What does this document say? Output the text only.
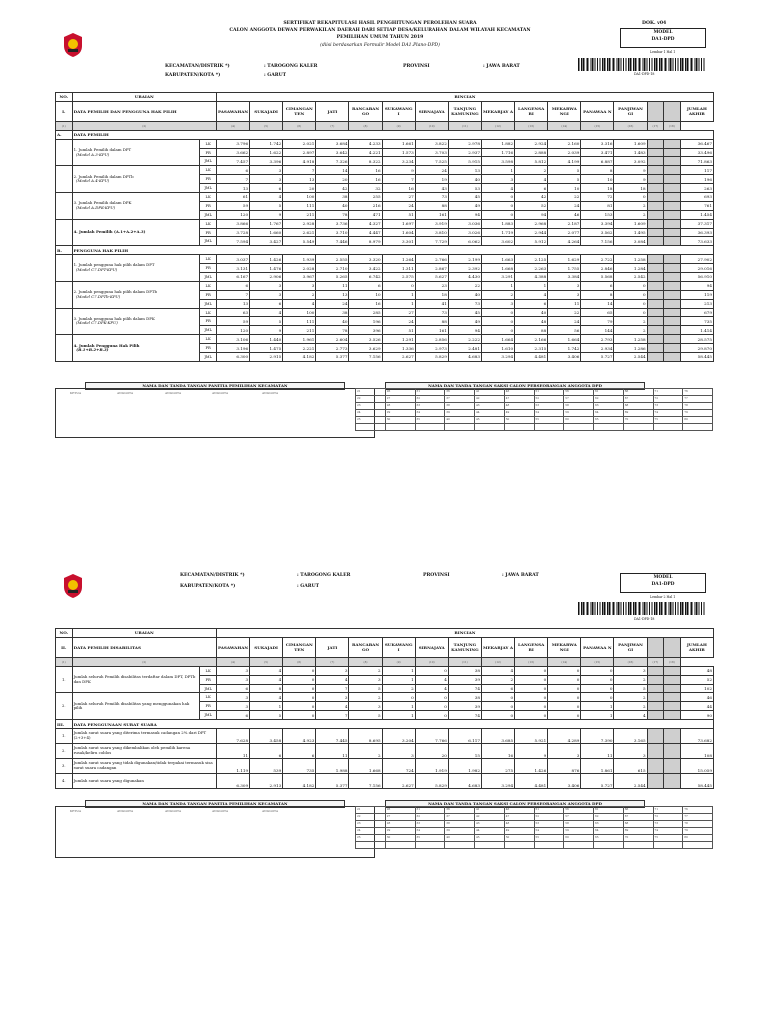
SERTIFIKAT REKAPITULASI HASIL PENGHITUNGAN PEROLEHAN SUARA
CALON ANGGOTA DEWAN PERWAKILAN DAERAH DARI SETIAP DESA/KELURAHAN DALAM WILAYAH KECAMATAN
PEMILIHAN UMUM TAHUN 2019
(diisi berdasarkan Formulir Model DA1.Plano-DPD)
DOK. v04
MODEL
DA1-DPD
Lembar 1 Hal 1
DA1-DPD-18
KECAMATAN/DISTRIK *)	: TAROGONG KALER	PROVINSI	: JAWA BARAT
KABUPATEN/KOTA *)	: GARUT
NO.	URAIAN		RINCIAN															
I.	DATA PEMILIH DAN PENGGUNA HAK PILIH		PASAWAHAN	SUKAJADI	CIMANGAN TEN	JATI	RANCABAN GO	SUKAWANG I	SIRNAJAYA	TANJUNG KAMUNING	MEKARJAY A	LANGENSA RI	MEKARWA NGI	PANAWAA N	PANJIWAN GI			JUMLAH AKHIR
(1)	(2)		(4)	(5)	(6)	(7)	(8)	(9)	(10)	(11)	(12)	(13)	(14)	(15)	(16)	(17)	(18)	
A.	DATA PEMILIH																	
	1. Jumlah Pemilih dalam DPT
(Model A.3-KPU)	LK	3.796	1.742	2.021	3.684	4.233	1.661	3.822	2.978	1.882	2.924	2.160	3.316	1.609			36.467
		PR	3.662	1.622	2.897	3.642	4.221	1.573	3.703	2.937	1.716	2.888	2.039	3.471	1.483			33.496
		JML	7.457	3.396	4.918	7.326	8.322	3.234	7.525	5.915	3.598	5.812	4.199	6.887	3.092			71.863
	2. Jumlah Pemilih dalam DPTb
(Model A.4-KPU)	LK	6	3	7	14	16	9	24	13	1	2	5	8	9			117
		PR	7	3	13	20	16	7	19	40	3	4	5	10	9			196
		JML	13	6	20	42	32	16	43	53	4	6	10	18	18			263
	3. Jumlah Pemilih dalam DPK
(Model A.DPK-KPU)	LK	61	4	100	38	255	27	73	45	0	42	22	72	0			693
		PR	59	5	111	40	216	24	88	49	0	52	24	81	2			761
		JML	120	9	211	78	471	51	161	94	0	94	46	153	2			1.454
	4. Jumlah Pemilih (A.1+A.2+A.3)	LK	3.866	1.767	2.928	3.736	4.327	1.697	3.919	3.036	1.883	2.968	2.187	3.394	1.609			37.317
		PR	3.728	1.660	2.621	3.710	4.447	1.604	3.810	3.026	1.719	2.944	2.077	3.562	1.495			36.393
		JML	7.594	3.427	5.549	7.446	8.979	3.301	7.729	6.062	3.602	5.912	4.264	7.156	3.084			73.633
B.	PENGGUNA HAK PILIH																	
	1. Jumlah pengguna hak pilih dalam DPT
(Model C7.DPT-KPU)	LK	3.037	1.426	1.939	2.555	3.320	1.264	2.766	2.199	1.663	2.125	1.629	2.722	1.258			27.902
		PR	3.131	1.476	2.028	2.710	3.422	1.311	2.867	2.392	1.668	2.263	1.755	2.846	1.284			29.016
		JML	6.167	2.906	3.967	5.265	6.742	2.575	5.627	4.430	3.291	4.388	3.384	5.568	2.542			56.910
	2. Jumlah pengguna hak pilih dalam DPTb
(Model C7.DPTb-KPU)	LK	6	3	3	11	6	0	23	22	1	1	3	6	0			94
		PR	7	3	2	13	10	1	18	40	2	4	3	8	0			119
		JML	13	6	4	24	16	1	41	73	3	6	11	14	0			213
	3. Jumlah pengguna hak pilih dalam DPK
(Model C7.DPK-KPU)	LK	63	4	100	38	285	27	73	45	0	40	22	65	0			679
		PR	59	5	111	40	196	24	88	49	0	48	24	79	2			735
		JML	120	9	211	78	396	51	161	94	0	88	56	144	2			1.414
	4. Jumlah Pengguna Hak Pilih
(B.1+B.2+B.3)	LK	3.106	1.440	1.961	2.604	3.526	1.291	2.856	2.222	1.664	2.166	1.664	2.793	1.258			28.575
		PR	3.196	1.475	2.221	2.773	3.629	1.336	2.973	2.481	1.610	2.315	1.742	2.934	1.286			29.870
		JML	6.300	2.915	4.182	5.377	7.156	2.627	5.829	4.683	3.294	4.481	3.406	5.727	2.544			58.445
NAMA DAN TANDA TANGAN PANITIA PEMILIHAN KECAMATAN
KETUA	ANGGOTA	ANGGOTA	ANGGOTA	ANGGOTA
NAMA DAN TANDA TANGAN SAKSI CALON PERSEORANGAN ANGGOTA DPD
21	26	31	36	41	46	51	56	61	66	71	76
22	27	32	37	42	47	52	57	62	67	72	77
23	28	33	38	43	48	53	58	63	68	73	78
24	29	34	39	44	49	54	59	64	69	74	79
25	30	35	40	45	50	55	60	65	70	75	80

KECAMATAN/DISTRIK *)	: TAROGONG KALER	PROVINSI	: JAWA BARAT
KABUPATEN/KOTA *)	: GARUT
MODEL
DA1-DPD
Lembar 2 Hal 1
DA1-DPD-18
NO.	URAIAN		RINCIAN															
II.	DATA PEMILIH DISABILITAS		PASAWAHAN	SUKAJADI	CIMANGAN TEN	JATI	RANCABAN GO	SUKAWANG I	SIRNAJAYA	TANJUNG KAMUNING	MEKARJAY A	LANGENSA RI	MEKARWA NGI	PANAWAA N	PANJIWAN GI			JUMLAH AKHIR
(1)	(2)		(4)	(5)	(6)	(7)	(8)	(9)	(10)	(11)	(12)	(13)	(14)	(15)	(16)	(17)	(18)	
1.	Jumlah seluruh Pemilih disabilitas terdaftar dalam DPT, DPTb dan DPK	LK	3	4	0	3	2	1	0	38	4	0	0	0	3			48
		PR	3	4	0	4	3	1	4	39	2	0	0	0	2			52
		JML	6	8	0	7	5	2	4	74	6	0	0	0	5			102
2.	Jumlah seluruh Pemilih disabilitas yang menggunakan hak pilih	LK	3	4	0	3	2	0	0	38	0	0	0	0	2			46
		PR	3	1	0	4	3	1	0	39	0	0	0	1	2			44
		JML	6	5	0	7	5	1	0	74	0	0	0	1	4			90
III.	DATA PENGGUNAAN SURAT SUARA																	
1.	Jumlah surat suara yang diterima termasuk cadangan 2% dari DPT (2+3+4)		7.628	3.458	4.923	7.445	8.695	3.204	7.766	6.117	3.685	5.921	4.289	7.390	3.165			73.682
2.	Jumlah surat suara yang dikembalikan oleh pemilih karena rusak/keliru coblos		11	6	6	11	2	3	20	15	16	9	3	11	3			108
3.	Jumlah surat suara yang tidak digunakan/tidak terpakai termasuk sisa surat suara cadangan		1.119	539	735	1.988	1.668	724	1.919	1.982	275	1.426	876	1.861	615			15.059
4.	Jumlah surat suara yang digunakan		6.309	2.913	4.182	5.377	7.156	2.627	5.829	4.683	3.294	4.481	3.406	5.727	2.544			58.445
NAMA DAN TANDA TANGAN PANITIA PEMILIHAN KECAMATAN
KETUA	ANGGOTA	ANGGOTA	ANGGOTA	ANGGOTA
NAMA DAN TANDA TANGAN SAKSI CALON PERSEORANGAN ANGGOTA DPD
21	26	31	36	41	46	51	56	61	66	71	76
22	27	32	37	42	47	52	57	62	67	72	77
23	28	33	38	43	48	53	58	63	68	73	78
24	29	34	39	44	49	54	59	64	69	74	79
25	30	35	40	45	50	55	60	65	70	75	80
